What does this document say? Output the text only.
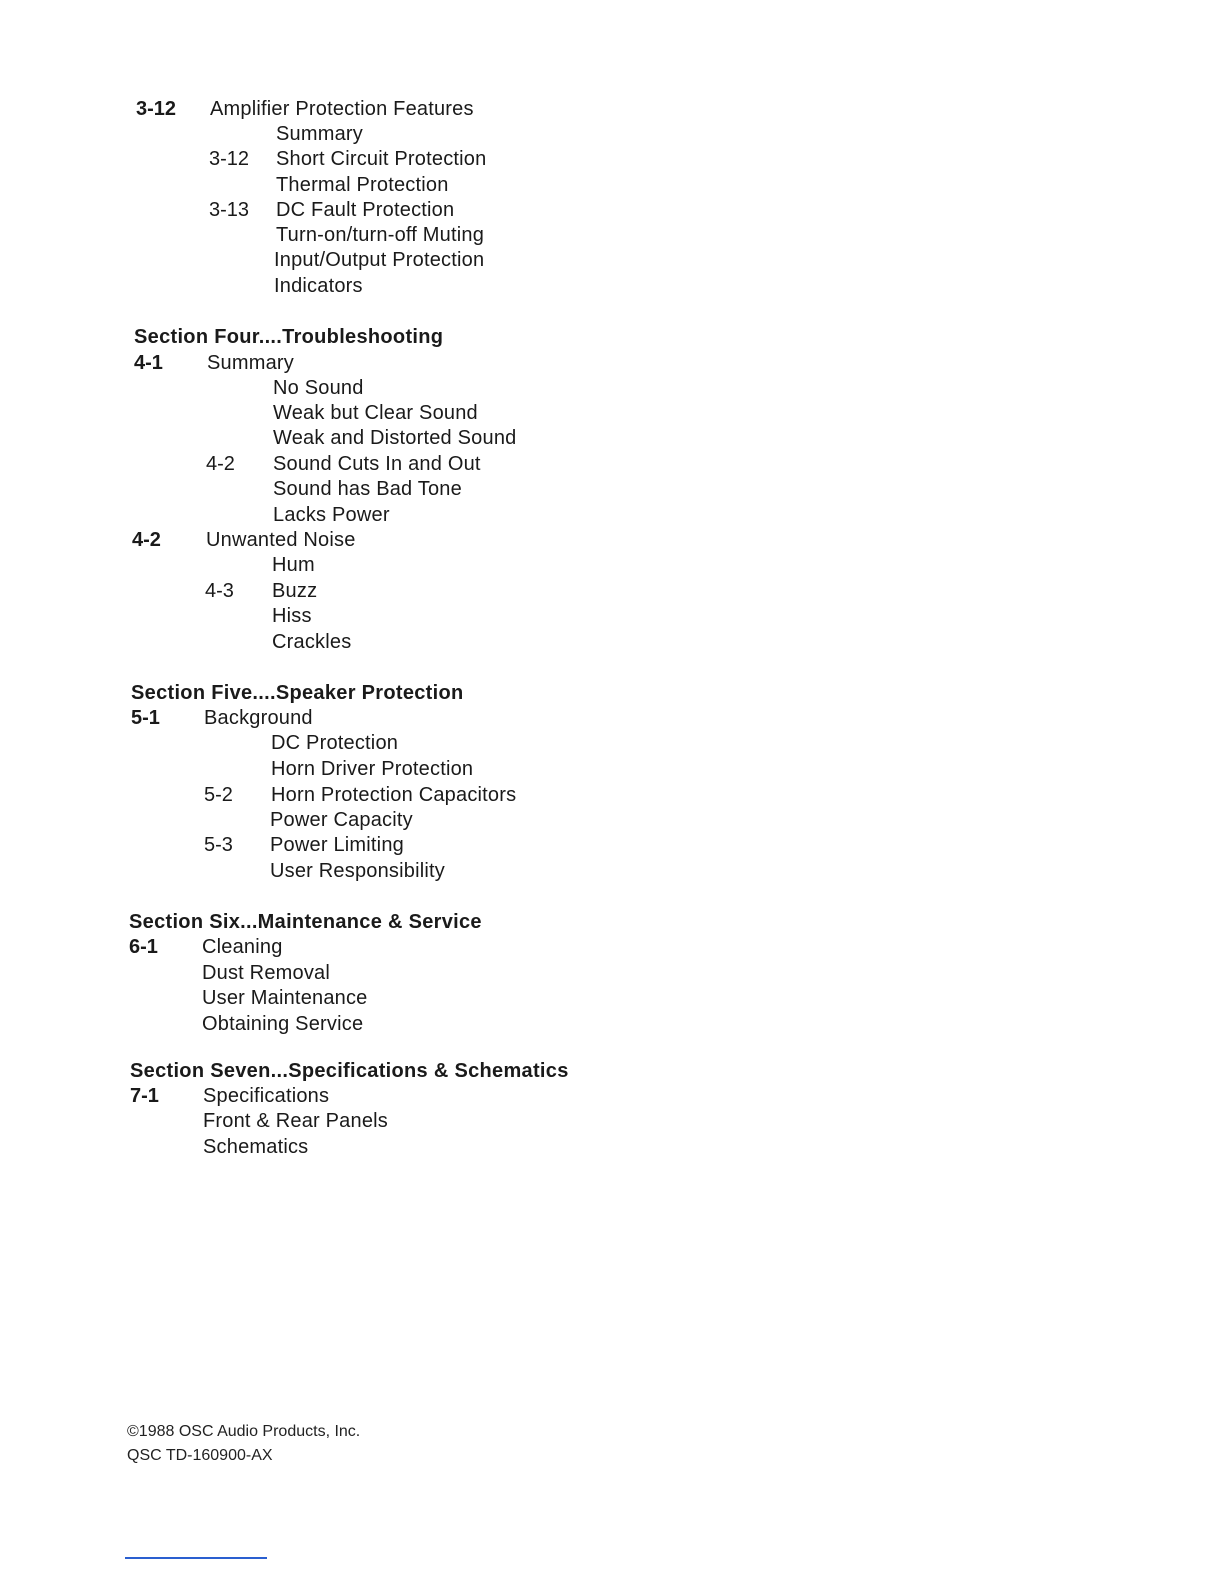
3-12 Amplifier Protection Features
Summary
3-12 Short Circuit Protection
Thermal Protection
3-13 DC Fault Protection
Turn-on/turn-off Muting
Input/Output Protection
Indicators
Section Four....Troubleshooting
4-1 Summary
No Sound
Weak but Clear Sound
Weak and Distorted Sound
4-2 Sound Cuts In and Out
Sound has Bad Tone
Lacks Power
4-2 Unwanted Noise
Hum
4-3 Buzz
Hiss
Crackles
Section Five....Speaker Protection
5-1 Background
DC Protection
Horn Driver Protection
5-2 Horn Protection Capacitors
Power Capacity
5-3 Power Limiting
User Responsibility
Section Six...Maintenance & Service
6-1 Cleaning
Dust Removal
User Maintenance
Obtaining Service
Section Seven...Specifications & Schematics
7-1 Specifications
Front & Rear Panels
Schematics
©1988 OSC Audio Products, Inc.
QSC TD-160900-AX
